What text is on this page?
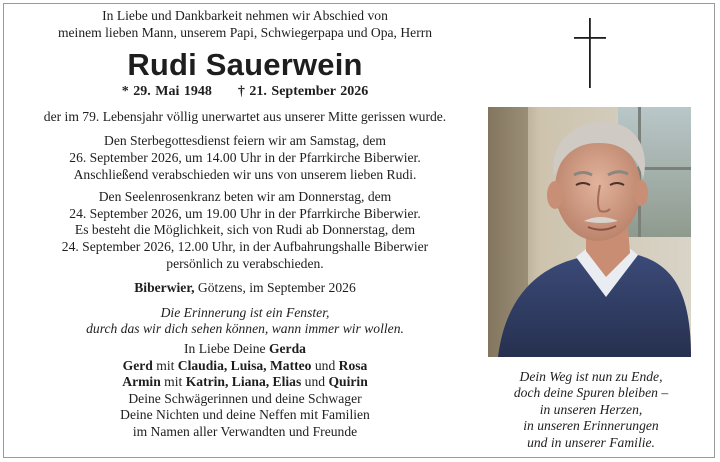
In Liebe und Dankbarkeit nehmen wir Abschied von

meinem lieben Mann, unserem Papi, Schwiegerpapa und Opa, Herrn

Rudi Sauerwein

* 29. Mai 1948 † 21. September 2026

der im 79. Lebensjahr völlig unerwartet aus unserer Mitte gerissen wurde.

Den Sterbegottesdienst feiern wir am Samstag, dem

26. September 2026, um 14.00 Uhr in der Pfarrkirche Biberwier.

Anschließend verabschieden wir uns von unserem lieben Rudi.

Den Seelenrosenkranz beten wir am Donnerstag, dem

24. September 2026, um 19.00 Uhr in der Pfarrkirche Biberwier.

Es besteht die Möglichkeit, sich von Rudi ab Donnerstag, dem

24. September 2026, 12.00 Uhr, in der Aufbahrungshalle Biberwier

persönlich zu verabschieden.

Biberwier, Götzens, im September 2026

Die Erinnerung ist ein Fenster,

durch das wir dich sehen können, wann immer wir wollen.

In Liebe Deine Gerda

Gerd mit Claudia, Luisa, Matteo und Rosa

Armin mit Katrin, Liana, Elias und Quirin

Deine Schwägerinnen und deine Schwager

Deine Nichten und deine Neffen mit Familien

im Namen aller Verwandten und Freunde

Dein Weg ist nun zu Ende,

doch deine Spuren bleiben –

in unseren Herzen,

in unseren Erinnerungen

und in unserer Familie.
